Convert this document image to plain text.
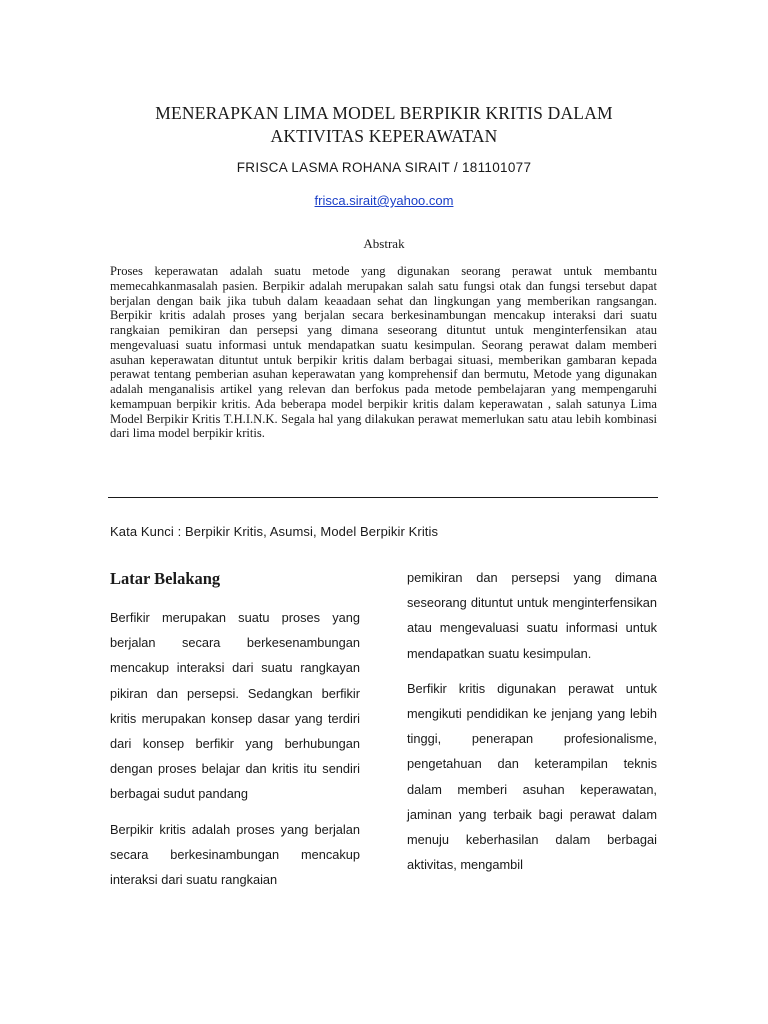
MENERAPKAN LIMA MODEL BERPIKIR KRITIS DALAM
AKTIVITAS KEPERAWATAN
FRISCA LASMA ROHANA SIRAIT / 181101077
frisca.sirait@yahoo.com
Abstrak

Proses keperawatan adalah suatu metode yang digunakan seorang perawat untuk membantu memecahkanmasalah pasien. Berpikir adalah merupakan salah satu fungsi otak dan fungsi tersebut dapat berjalan dengan baik jika tubuh dalam keaadaan sehat dan lingkungan yang memberikan rangsangan. Berpikir kritis adalah proses yang berjalan secara berkesinambungan mencakup interaksi dari suatu rangkaian pemikiran dan persepsi yang dimana seseorang dituntut untuk menginterfensikan atau mengevaluasi suatu informasi untuk mendapatkan suatu kesimpulan. Seorang perawat dalam memberi asuhan keperawatan dituntut untuk berpikir kritis dalam berbagai situasi, memberikan gambaran kepada perawat tentang pemberian asuhan keperawatan yang komprehensif dan bermutu, Metode yang digunakan adalah menganalisis artikel yang relevan dan berfokus pada metode pembelajaran yang mempengaruhi kemampuan berpikir kritis. Ada beberapa model berpikir kritis dalam keperawatan , salah satunya Lima Model Berpikir Kritis T.H.I.N.K. Segala hal yang dilakukan perawat memerlukan satu atau lebih kombinasi dari lima model berpikir kritis.

Kata Kunci : Berpikir Kritis, Asumsi, Model Berpikir Kritis
Latar Belakang

Berfikir merupakan suatu proses yang berjalan secara berkesenambungan mencakup interaksi dari suatu rangkayan pikiran dan persepsi. Sedangkan berfikir kritis merupakan konsep dasar yang terdiri dari konsep berfikir yang berhubungan dengan proses belajar dan kritis itu sendiri berbagai sudut pandang

Berpikir kritis adalah proses yang berjalan secara berkesinambungan mencakup interaksi dari suatu rangkaian

pemikiran dan persepsi yang dimana seseorang dituntut untuk menginterfensikan atau mengevaluasi suatu informasi untuk mendapatkan suatu kesimpulan.

Berfikir kritis digunakan perawat untuk mengikuti pendidikan ke jenjang yang lebih tinggi, penerapan profesionalisme, pengetahuan dan keterampilan teknis dalam memberi asuhan keperawatan, jaminan yang terbaik bagi perawat dalam menuju keberhasilan dalam berbagai aktivitas, mengambil
